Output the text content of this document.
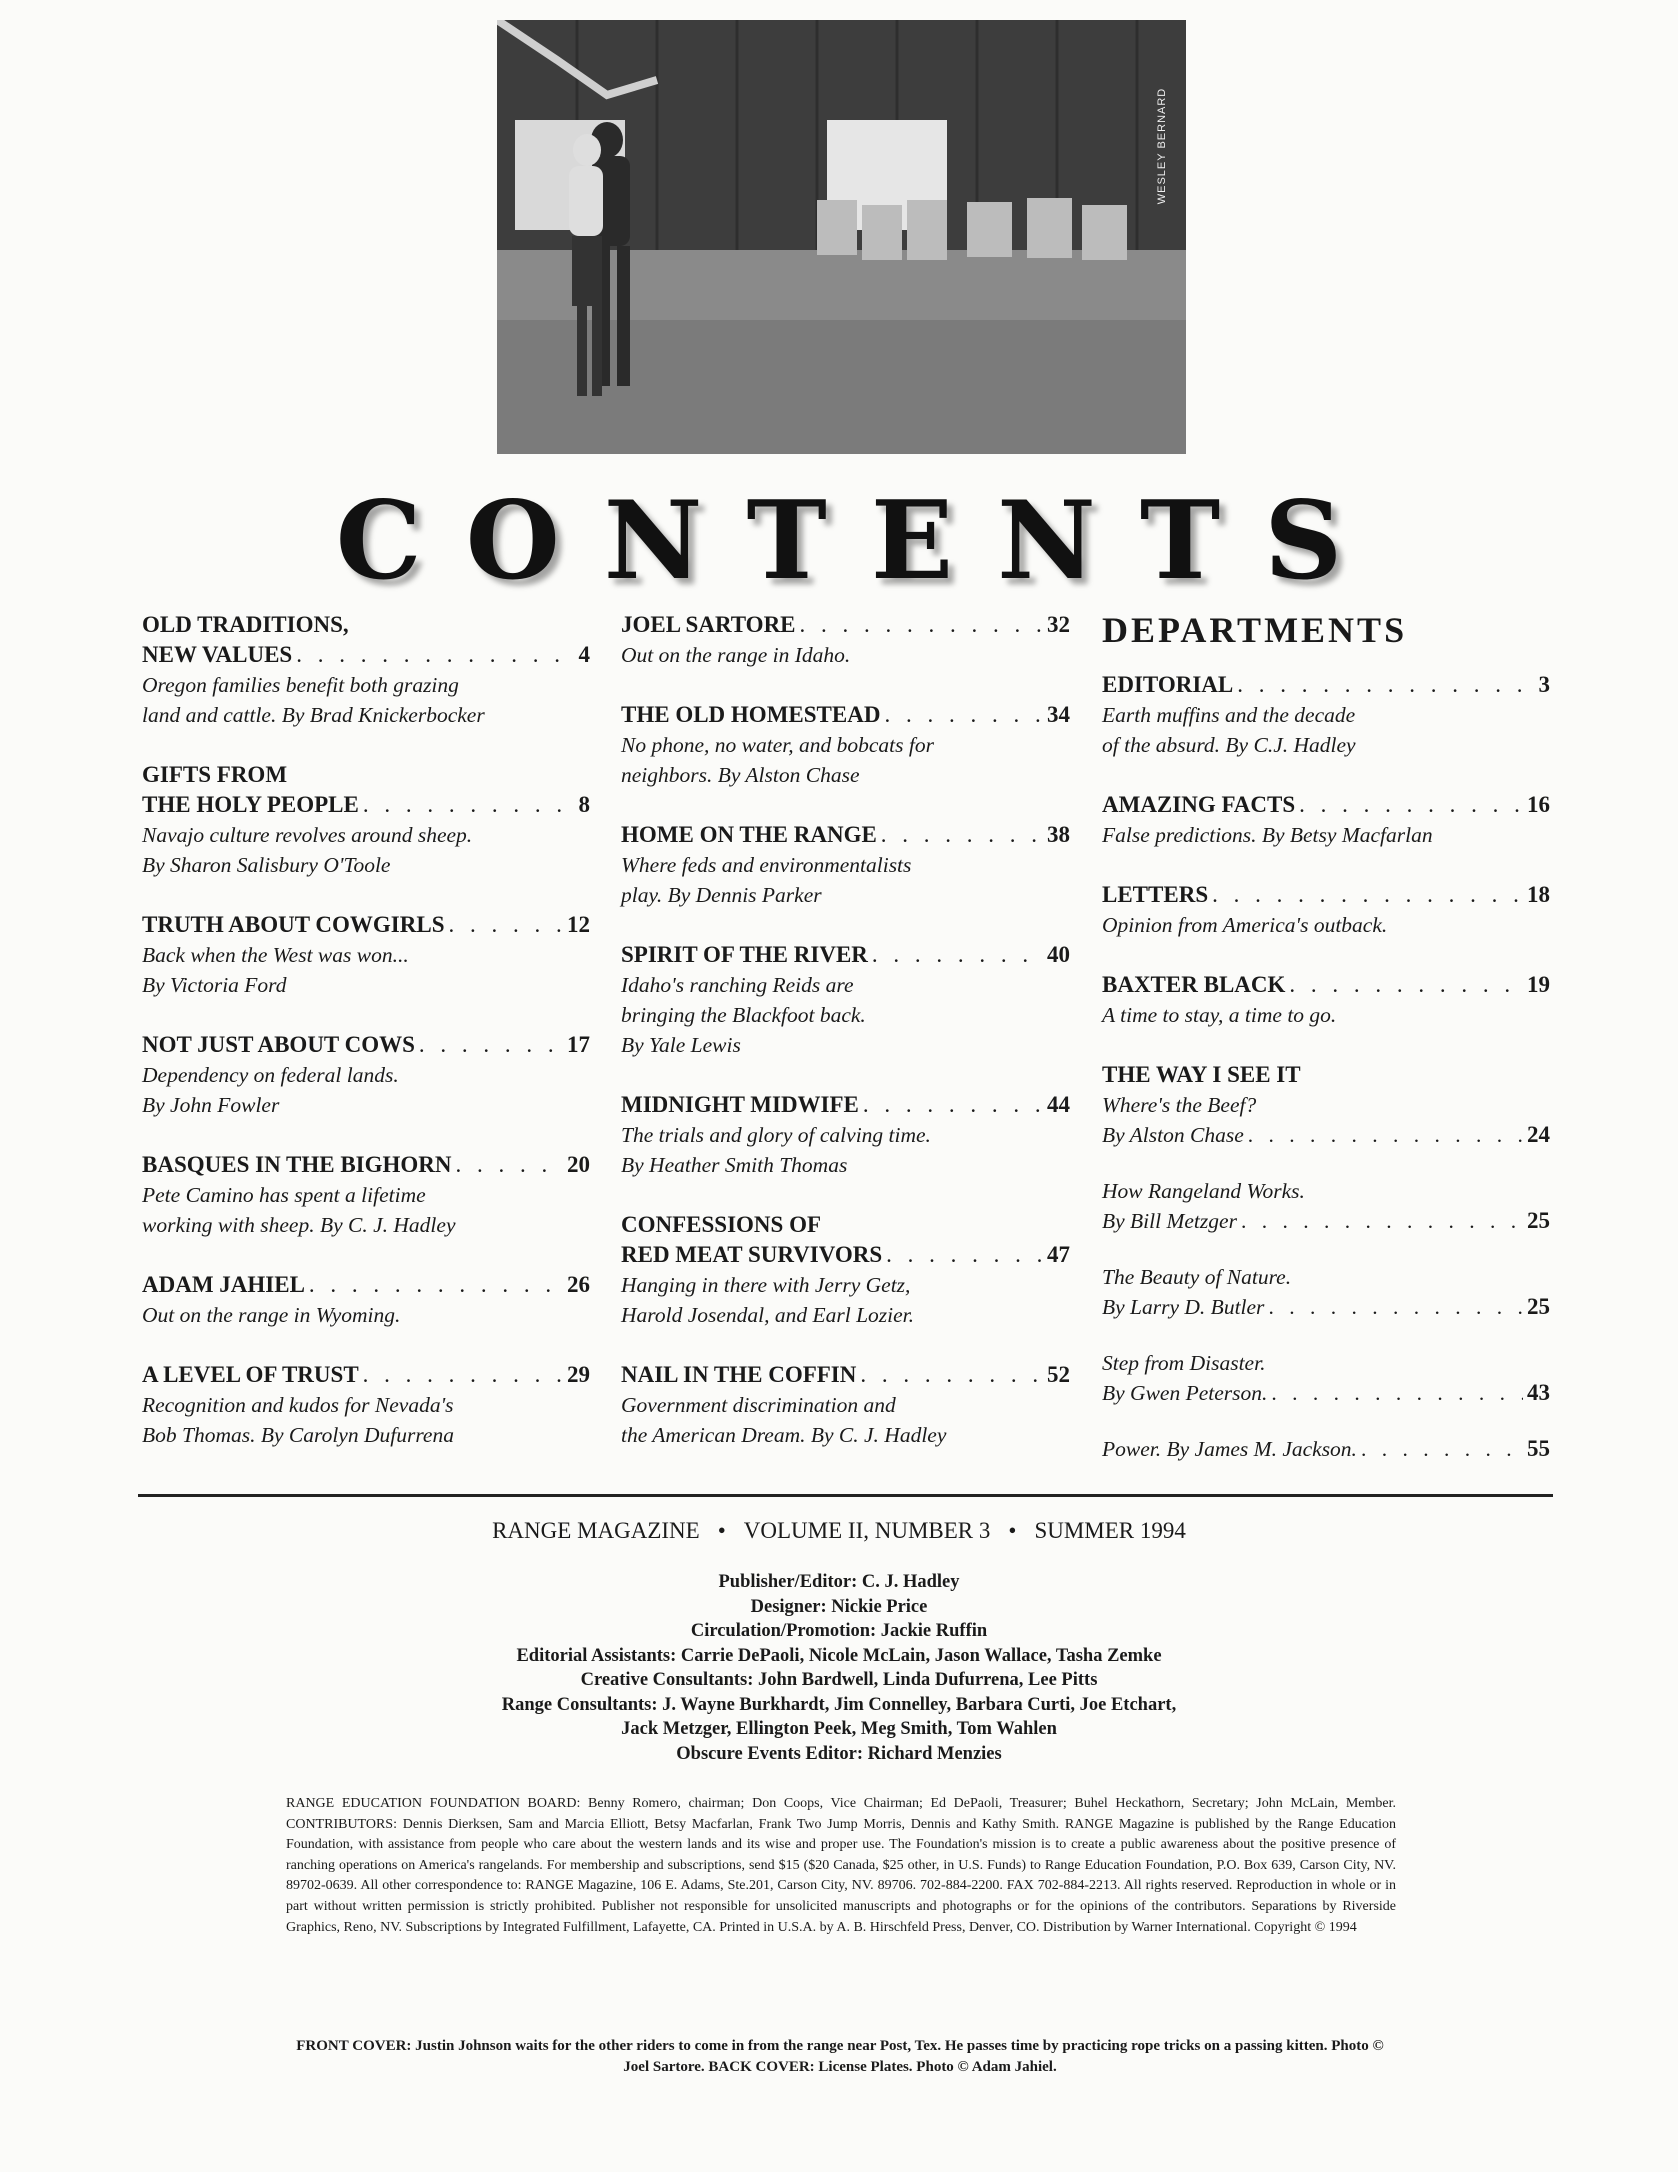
WESLEY BERNARD
CONTENTS
OLD TRADITIONS,
NEW VALUES . . .	4
Oregon families benefit both grazing
land and cattle. By Brad Knickerbocker
GIFTS FROM
THE HOLY PEOPLE . . .	8
Navajo culture revolves around sheep.
By Sharon Salisbury O'Toole
TRUTH ABOUT COWGIRLS . . .	12
Back when the West was won...
By Victoria Ford
NOT JUST ABOUT COWS . . .	17
Dependency on federal lands.
By John Fowler
BASQUES IN THE BIGHORN . . .	20
Pete Camino has spent a lifetime
working with sheep. By C. J. Hadley
ADAM JAHIEL . . .	26
Out on the range in Wyoming.
A LEVEL OF TRUST . . .	29
Recognition and kudos for Nevada's
Bob Thomas. By Carolyn Dufurrena
JOEL SARTORE . . .	32
Out on the range in Idaho.
THE OLD HOMESTEAD . . .	34
No phone, no water, and bobcats for
neighbors. By Alston Chase
HOME ON THE RANGE . . .	38
Where feds and environmentalists
play. By Dennis Parker
SPIRIT OF THE RIVER . . .	40
Idaho's ranching Reids are
bringing the Blackfoot back.
By Yale Lewis
MIDNIGHT MIDWIFE . . .	44
The trials and glory of calving time.
By Heather Smith Thomas
CONFESSIONS OF
RED MEAT SURVIVORS . . .	47
Hanging in there with Jerry Getz,
Harold Josendal, and Earl Lozier.
NAIL IN THE COFFIN . . .	52
Government discrimination and
the American Dream. By C. J. Hadley
DEPARTMENTS
EDITORIAL . . .	3
Earth muffins and the decade
of the absurd. By C.J. Hadley
AMAZING FACTS . . .	16
False predictions. By Betsy Macfarlan
LETTERS . . .	18
Opinion from America's outback.
BAXTER BLACK . . .	19
A time to stay, a time to go.
THE WAY I SEE IT
Where's the Beef?
By Alston Chase . . .	24
How Rangeland Works.
By Bill Metzger . . .	25
The Beauty of Nature.
By Larry D. Butler . . .	25
Step from Disaster.
By Gwen Peterson. . . .	43
Power. By James M. Jackson. . . .	55
RANGE MAGAZINE • VOLUME II, NUMBER 3 • SUMMER 1994
Publisher/Editor: C. J. Hadley
Designer: Nickie Price
Circulation/Promotion: Jackie Ruffin
Editorial Assistants: Carrie DePaoli, Nicole McLain, Jason Wallace, Tasha Zemke
Creative Consultants: John Bardwell, Linda Dufurrena, Lee Pitts
Range Consultants: J. Wayne Burkhardt, Jim Connelley, Barbara Curti, Joe Etchart,
Jack Metzger, Ellington Peek, Meg Smith, Tom Wahlen
Obscure Events Editor: Richard Menzies
RANGE EDUCATION FOUNDATION BOARD: Benny Romero, chairman; Don Coops, Vice Chairman; Ed DePaoli, Treasurer; Buhel Heckathorn, Secretary; John McLain, Member. CONTRIBUTORS: Dennis Dierksen, Sam and Marcia Elliott, Betsy Macfarlan, Frank Two Jump Morris, Dennis and Kathy Smith. RANGE Magazine is published by the Range Education Foundation, with assistance from people who care about the western lands and its wise and proper use. The Foundation's mission is to create a public awareness about the positive presence of ranching operations on America's rangelands. For membership and subscriptions, send $15 ($20 Canada, $25 other, in U.S. Funds) to Range Education Foundation, P.O. Box 639, Carson City, NV. 89702-0639. All other correspondence to: RANGE Magazine, 106 E. Adams, Ste.201, Carson City, NV. 89706. 702-884-2200. FAX 702-884-2213. All rights reserved. Reproduction in whole or in part without written permission is strictly prohibited. Publisher not responsible for unsolicited manuscripts and photographs or for the opinions of the contributors. Separations by Riverside Graphics, Reno, NV. Subscriptions by Integrated Fulfillment, Lafayette, CA. Printed in U.S.A. by A. B. Hirschfeld Press, Denver, CO. Distribution by Warner International. Copyright © 1994
FRONT COVER: Justin Johnson waits for the other riders to come in from the range near Post, Tex. He passes time by practicing rope tricks on a passing kitten. Photo © Joel Sartore. BACK COVER: License Plates. Photo © Adam Jahiel.
